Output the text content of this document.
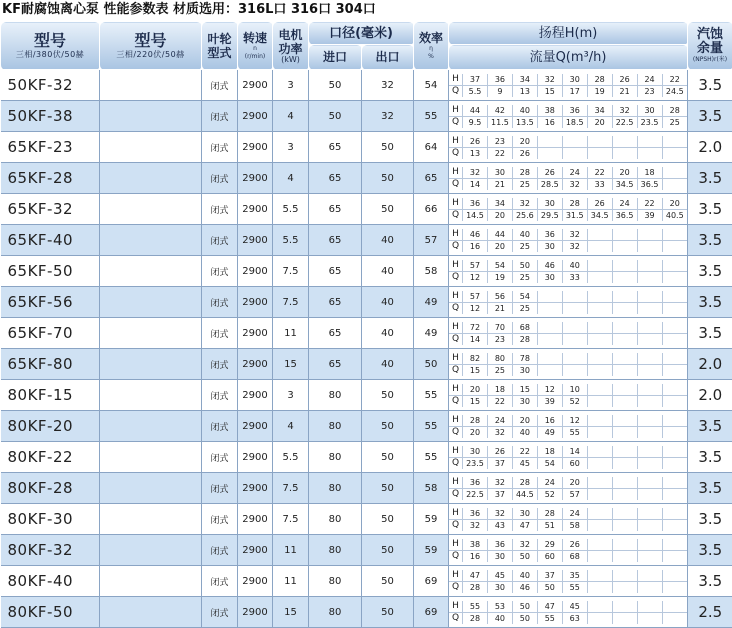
KF耐腐蚀离心泵 性能参数表 材质选用：316L口 316口 304口
型号
三相/380伏/50赫

型号
三相/220伏/50赫

叶轮
型式

转速
n
(r/min)

电机
功率
(kW)
	口径(毫米)	效率
η
%
	扬程H(m)	汽蚀
余量
(NPSH)r(米)

进口	出口	流量Q(m³/h)
50KF-32		闭式	2900	3	50	32	54	
H	37	36	34	32	30	28	26	24	22
Q	5.5	9	13	15	17	19	21	23	24.5
	3.5
50KF-38		闭式	2900	4	50	32	55	
H	44	42	40	38	36	34	32	30	28
Q	9.5	11.5	13.5	16	18.5	20	22.5	23.5	25
	3.5
65KF-23		闭式	2900	3	65	50	64	
H	26	23	20						
Q	13	22	26						
		2.0
65KF-28		闭式	2900	4	65	50	65	
H	32	30	28	26	24	22	20	18	
Q	14	21	25	28.5	32	33	34.5	36.5	
		3.5
65KF-32		闭式	2900	5.5	65	50	66	
H	36	34	32	30	28	26	24	22	20
Q	14.5	20	25.6	29.5	31.5	34.5	36.5	39	40.5
	3.5
65KF-40		闭式	2900	5.5	65	40	57	
H	46	44	40	36	32				
Q	16	20	25	30	32				
		3.5
65KF-50		闭式	2900	7.5	65	40	58	
H	57	54	50	46	40				
Q	12	19	25	30	33				
		3.5
65KF-56		闭式	2900	7.5	65	40	49	
H	57	56	54						
Q	12	21	25						
		3.5
65KF-70		闭式	2900	11	65	40	49	
H	72	70	68						
Q	14	23	28						
		3.5
65KF-80		闭式	2900	15	65	40	50	
H	82	80	78						
Q	15	25	30						
		2.0
80KF-15		闭式	2900	3	80	50	55	
H	20	18	15	12	10				
Q	15	22	30	39	52				
		2.0
80KF-20		闭式	2900	4	80	50	55	
H	28	24	20	16	12				
Q	20	32	40	49	55				
		3.5
80KF-22		闭式	2900	5.5	80	50	55	
H	30	26	22	18	14				
Q	23.5	37	45	54	60				
		3.5
80KF-28		闭式	2900	7.5	80	50	58	
H	36	32	28	24	20				
Q	22.5	37	44.5	52	57				
		3.5
80KF-30		闭式	2900	7.5	80	50	59	
H	36	32	30	28	24				
Q	32	43	47	51	58				
		3.5
80KF-32		闭式	2900	11	80	50	59	
H	38	36	32	29	26				
Q	16	30	50	60	68				
		3.5
80KF-40		闭式	2900	11	80	50	69	
H	47	45	40	37	35				
Q	28	30	46	50	55				
		3.5
80KF-50		闭式	2900	15	80	50	69	
H	55	53	50	47	45				
Q	28	40	50	55	63				
		2.5
